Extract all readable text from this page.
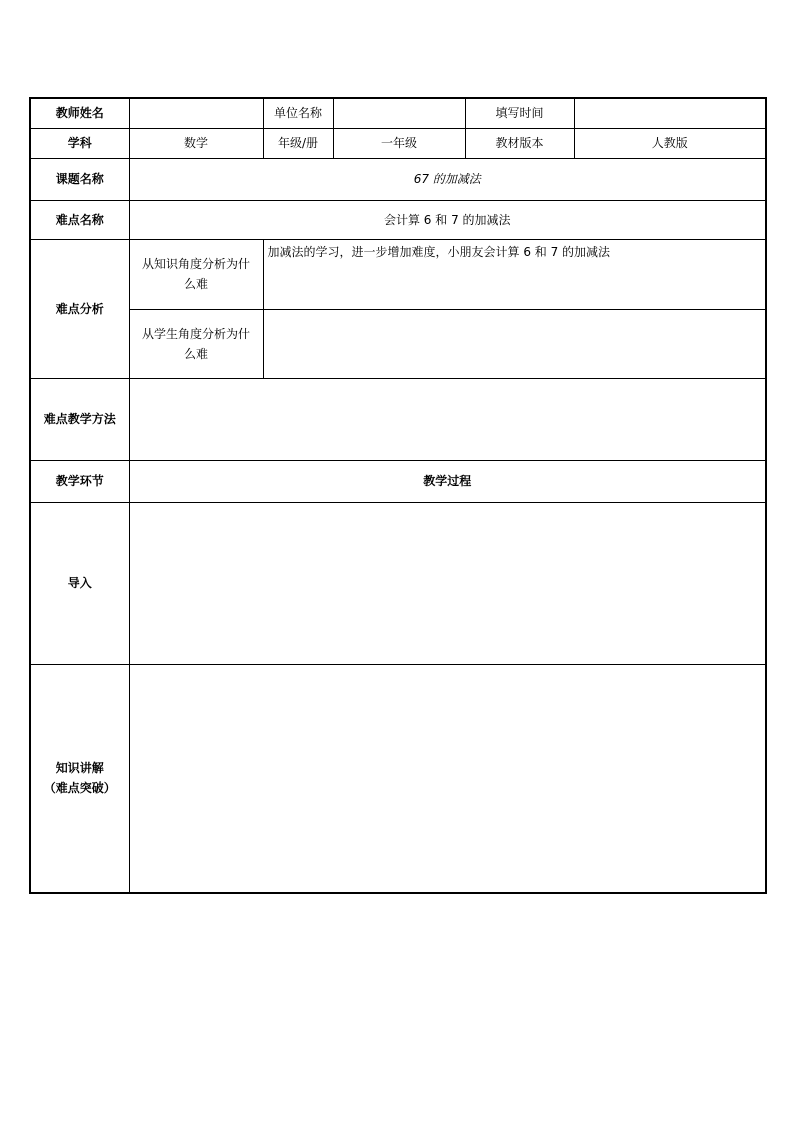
教师姓名		单位名称		填写时间	
学科	数学	年级/册	一年级	教材版本	人教版
课题名称	67 的加减法				
难点名称	会计算 6 和 7 的加减法				
难点分析	从知识角度分析为什么难	加减法的学习，进一步增加难度，小朋友会计算 6 和 7 的加减法			
	从学生角度分析为什么难				
难点教学方法					
教学环节	教学过程				
导入					

知识讲解
（难点突破）					
